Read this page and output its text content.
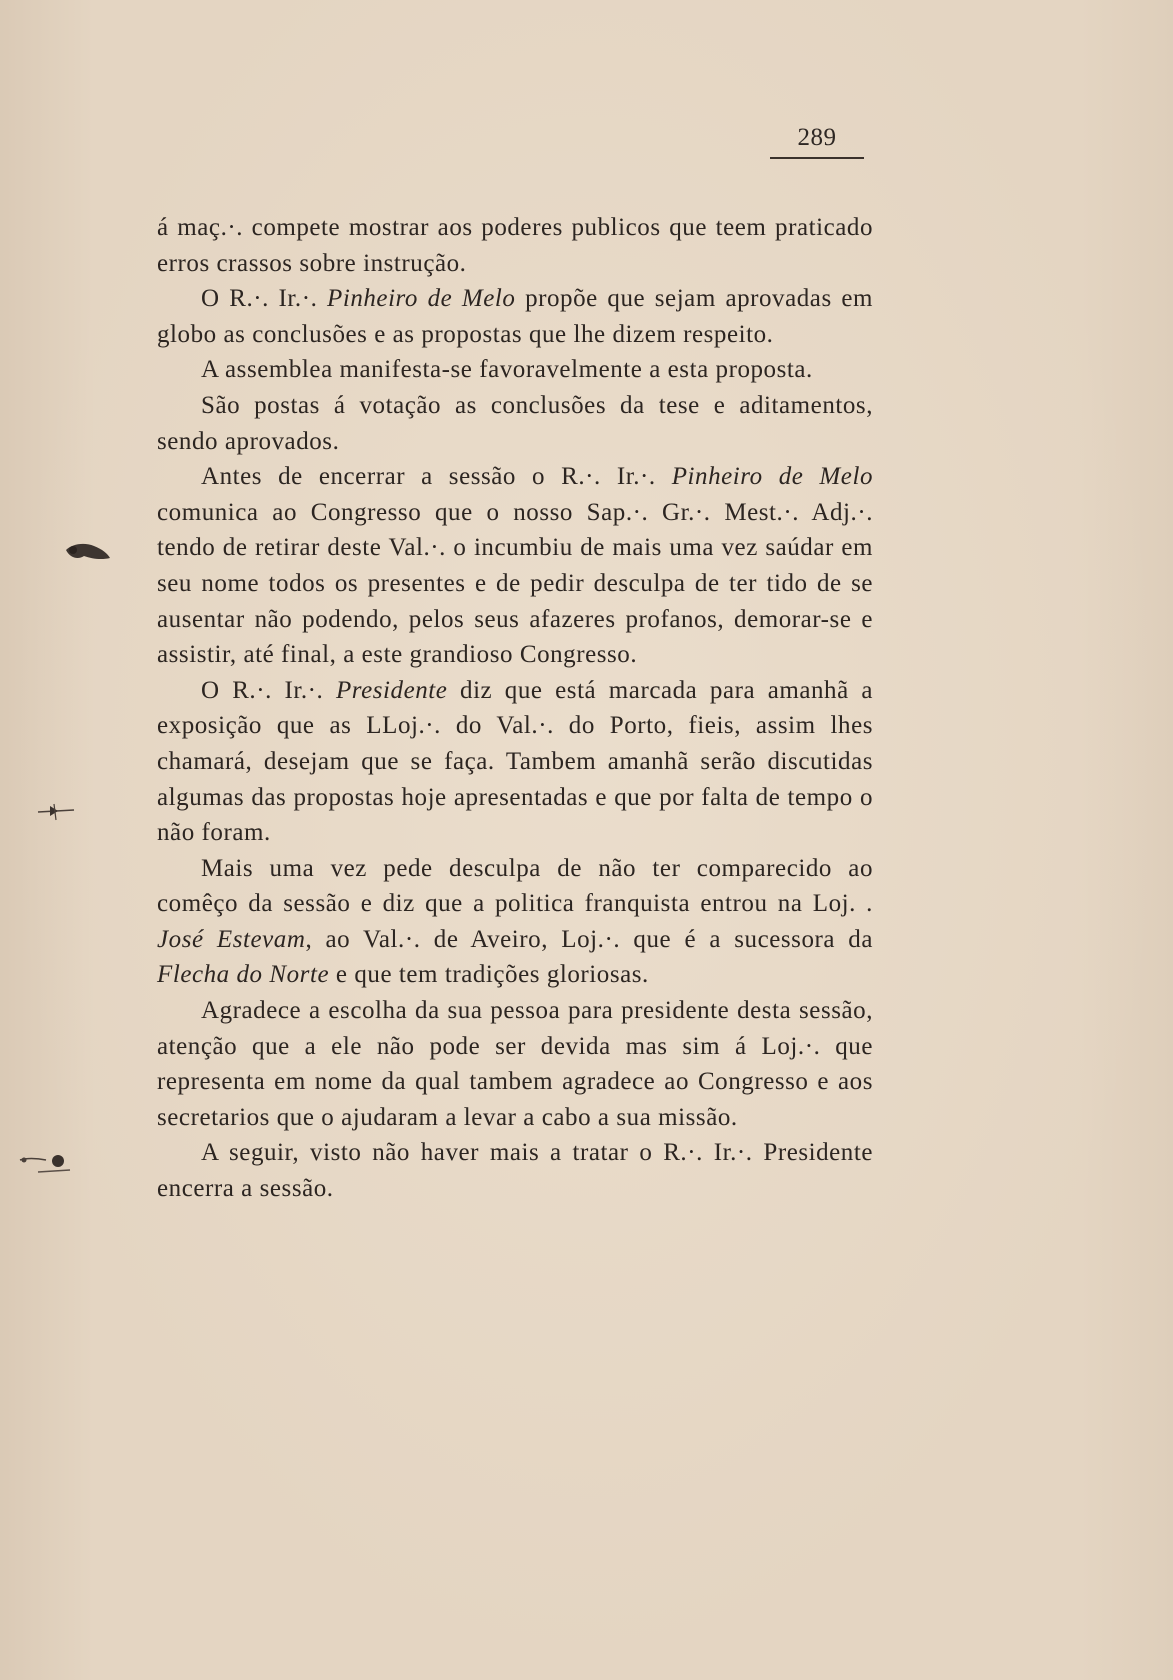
289

á maç.·. compete mostrar aos poderes publicos que teem praticado erros crassos sobre instrução.

O R.·. Ir.·. Pinheiro de Melo propõe que sejam aprovadas em globo as conclusões e as propostas que lhe dizem respeito.

A assemblea manifesta-se favoravelmente a esta proposta.

São postas á votação as conclusões da tese e aditamentos, sendo aprovados.

Antes de encerrar a sessão o R.·. Ir.·. Pinheiro de Melo comunica ao Congresso que o nosso Sap.·. Gr.·. Mest.·. Adj.·. tendo de retirar deste Val.·. o incumbiu de mais uma vez saúdar em seu nome todos os presentes e de pedir desculpa de ter tido de se ausentar não podendo, pelos seus afazeres profanos, demorar-se e assistir, até final, a este grandioso Congresso.

O R.·. Ir.·. Presidente diz que está marcada para amanhã a exposição que as LLoj.·. do Val.·. do Porto, fieis, assim lhes chamará, desejam que se faça. Tambem amanhã serão discutidas algumas das propostas hoje apresentadas e que por falta de tempo o não foram.

Mais uma vez pede desculpa de não ter comparecido ao comêço da sessão e diz que a politica franquista entrou na Loj. . José Estevam, ao Val.·. de Aveiro, Loj.·. que é a sucessora da Flecha do Norte e que tem tradições gloriosas.

Agradece a escolha da sua pessoa para presidente desta sessão, atenção que a ele não pode ser devida mas sim á Loj.·. que representa em nome da qual tambem agradece ao Congresso e aos secretarios que o ajudaram a levar a cabo a sua missão.

A seguir, visto não haver mais a tratar o R.·. Ir.·. Presidente encerra a sessão.
